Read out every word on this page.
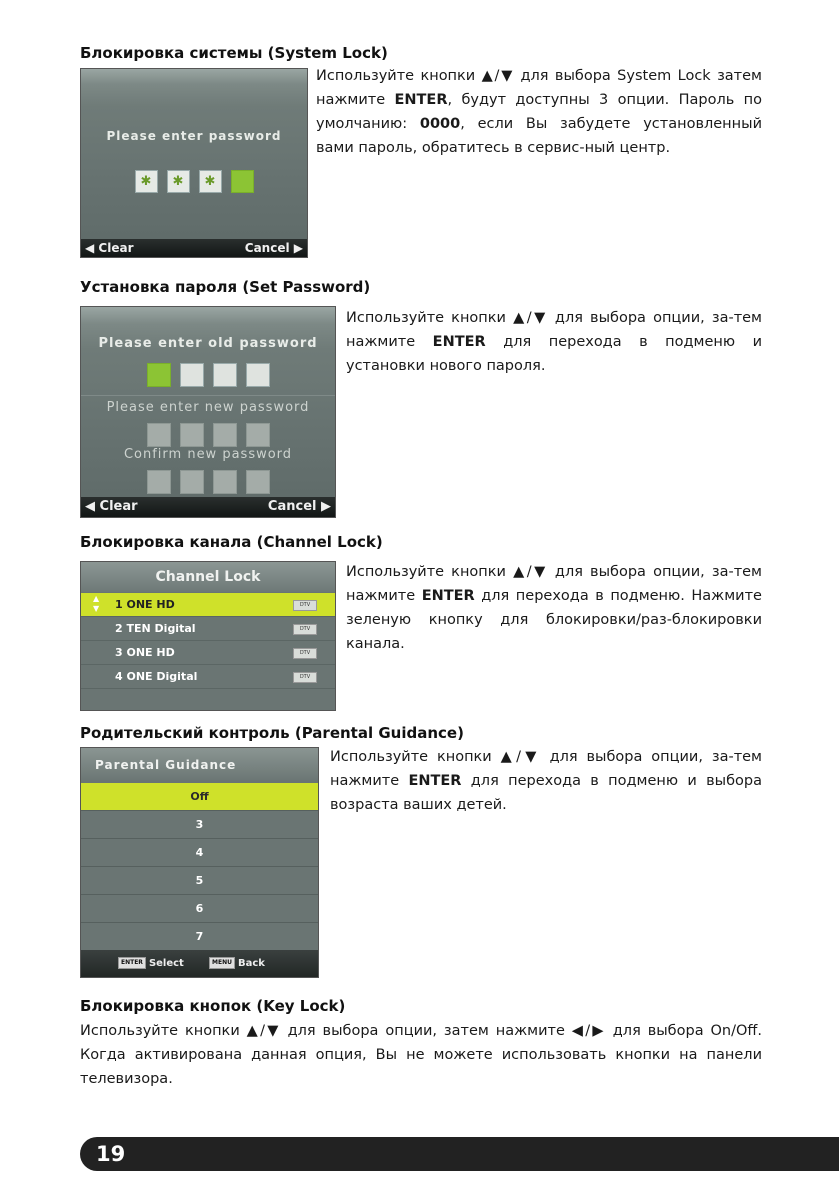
Блокировка системы (System Lock)
Please enter password
✱	✱	✱
◀ Clear	Cancel ▶

Используйте кнопки ▲/▼ для выбора System Lock затем нажмите ENTER, будут доступны 3 опции. Пароль по умолчанию: 0000, если Вы забудете установленный вами пароль, обратитесь в сервис-ный центр.

Установка пароля (Set Password)
Please enter old password
Please enter new password
Confirm new password
◀ Clear	Cancel ▶

Используйте кнопки ▲/▼ для выбора опции, за-тем нажмите ENTER для перехода в подменю и установки нового пароля.

Блокировка канала (Channel Lock)
Channel Lock
▲
▼ 1 ONE HD	DTV
2 TEN Digital	DTV
3 ONE HD	DTV
4 ONE Digital	DTV

Используйте кнопки ▲/▼ для выбора опции, за-тем нажмите ENTER для перехода в подменю. Нажмите зеленую кнопку для блокировки/раз-блокировки канала.

Родительский контроль (Parental Guidance)
Parental Guidance
Off
3
4
5
6
7
ENTER Select	MENU Back

Используйте кнопки ▲/▼ для выбора опции, за-тем нажмите ENTER для перехода в подменю и выбора возраста ваших детей.

Блокировка кнопок (Key Lock)

Используйте кнопки ▲/▼ для выбора опции, затем нажмите ◀/▶ для выбора On/Off. Когда активирована данная опция, Вы не можете использовать кнопки на панели телевизора.

19
